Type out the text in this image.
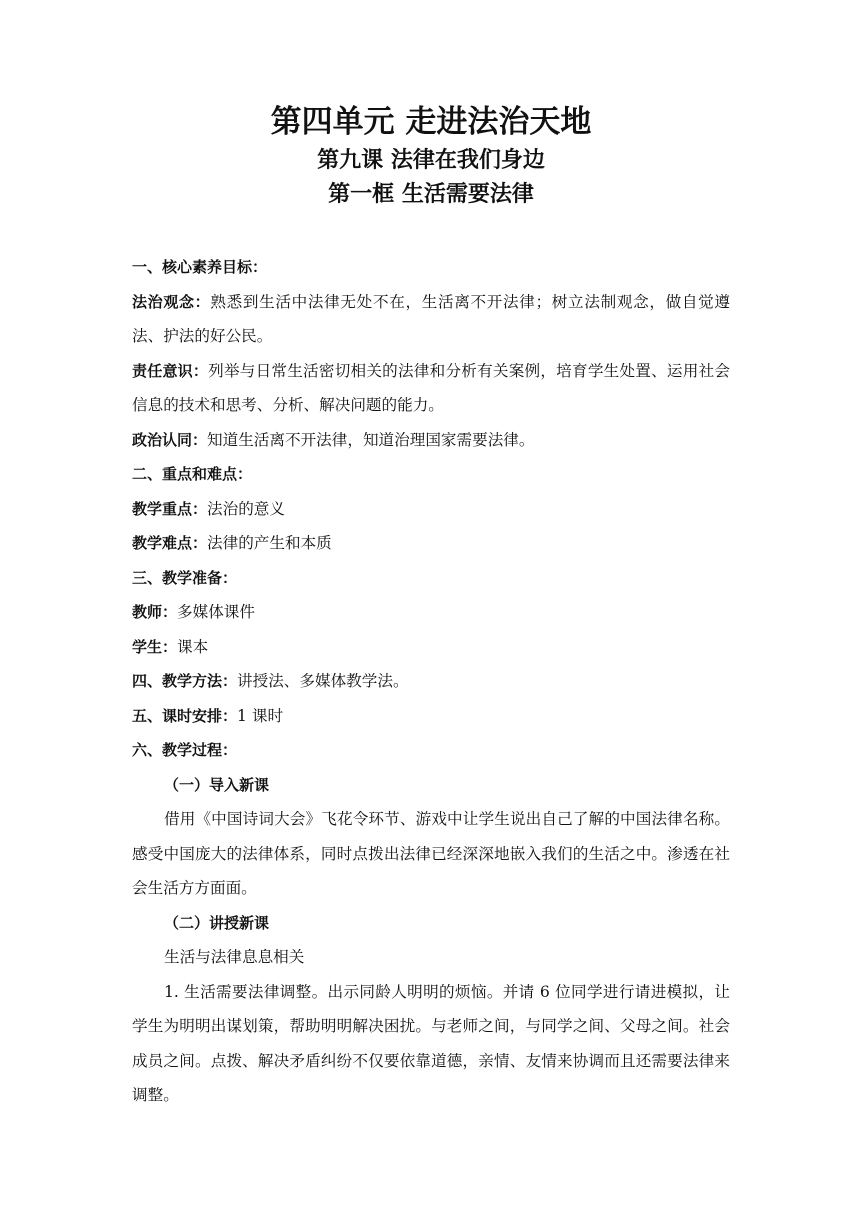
第四单元 走进法治天地

第九课 法律在我们身边

第一框 生活需要法律

一、核心素养目标：

法治观念：熟悉到生活中法律无处不在，生活离不开法律；树立法制观念，做自觉遵法、护法的好公民。

责任意识：列举与日常生活密切相关的法律和分析有关案例，培育学生处置、运用社会信息的技术和思考、分析、解决问题的能力。

政治认同：知道生活离不开法律，知道治理国家需要法律。

二、重点和难点：

教学重点：法治的意义

教学难点：法律的产生和本质

三、教学准备：

教师：多媒体课件

学生：课本

四、教学方法：讲授法、多媒体教学法。

五、课时安排：1 课时

六、教学过程：

（一）导入新课

借用《中国诗词大会》飞花令环节、游戏中让学生说出自己了解的中国法律名称。感受中国庞大的法律体系，同时点拨出法律已经深深地嵌入我们的生活之中。渗透在社会生活方方面面。

（二）讲授新课

生活与法律息息相关

1. 生活需要法律调整。出示同龄人明明的烦恼。并请 6 位同学进行请进模拟，让学生为明明出谋划策，帮助明明解决困扰。与老师之间，与同学之间、父母之间。社会成员之间。点拨、解决矛盾纠纷不仅要依靠道德，亲情、友情来协调而且还需要法律来调整。
